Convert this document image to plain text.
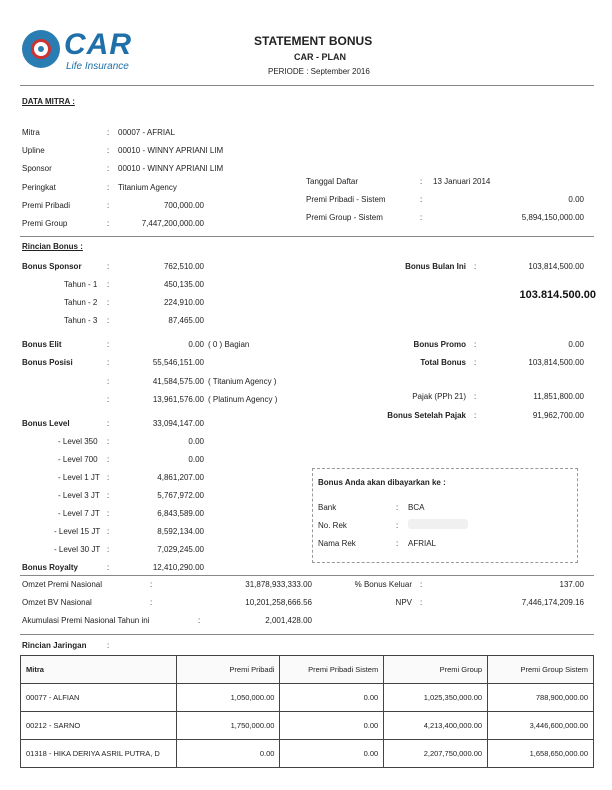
CAR
Life Insurance
STATEMENT BONUS
CAR - PLAN
PERIODE : September 2016
DATA MITRA :
Mitra	: 00007 - AFRIAL
Upline	: 00010 - WINNY APRIANI LIM
Sponsor	: 00010 - WINNY APRIANI LIM
Peringkat	: Titanium Agency
Premi Pribadi	:	700,000.00
Premi Group	:	7,447,200,000.00
Tanggal Daftar	: 13 Januari 2014
Premi Pribadi - Sistem	:	0.00
Premi Group - Sistem	:	5,894,150,000.00
Rincian Bonus :
Bonus Sponsor	:	762,510.00
Tahun - 1 :	450,135.00
Tahun - 2 :	224,910.00
Tahun - 3 :	87,465.00
Bonus Elit	:	0.00 ( 0 ) Bagian
Bonus Posisi	:	55,546,151.00
:	41,584,575.00 ( Titanium Agency )
:	13,961,576.00 ( Platinum Agency )
Bonus Level	:	33,094,147.00
- Level 350 :	0.00
- Level 700 :	0.00
- Level 1 JT :	4,861,207.00
- Level 3 JT :	5,767,972.00
- Level 7 JT :	6,843,589.00
- Level 15 JT :	8,592,134.00
- Level 30 JT :	7,029,245.00
Bonus Royalty	:	12,410,290.00
Bonus Bulan Ini :	103,814,500.00
103.814.500.00
Bonus Promo :	0.00
Total Bonus :	103,814,500.00
Pajak (PPh 21) :	11,851,800.00
Bonus Setelah Pajak :	91,962,700.00
Bonus Anda akan dibayarkan ke :
Bank	: BCA
No. Rek	:
Nama Rek	: AFRIAL
Omzet Premi Nasional	:	31,878,933,333.00
Omzet BV Nasional	:	10,201,258,666.56
Akumulasi Premi Nasional Tahun ini	:	2,001,428.00
% Bonus Keluar :	137.00
NPV :	7,446,174,209.16
Rincian Jaringan	:
Mitra	Premi Pribadi	Premi Pribadi Sistem	Premi Group	Premi Group Sistem
00077 - ALFIAN	1,050,000.00	0.00	1,025,350,000.00	788,900,000.00
00212 - SARNO	1,750,000.00	0.00	4,213,400,000.00	3,446,600,000.00
01318 - HIKA DERIYA ASRIL PUTRA, D	0.00	0.00	2,207,750,000.00	1,658,650,000.00
